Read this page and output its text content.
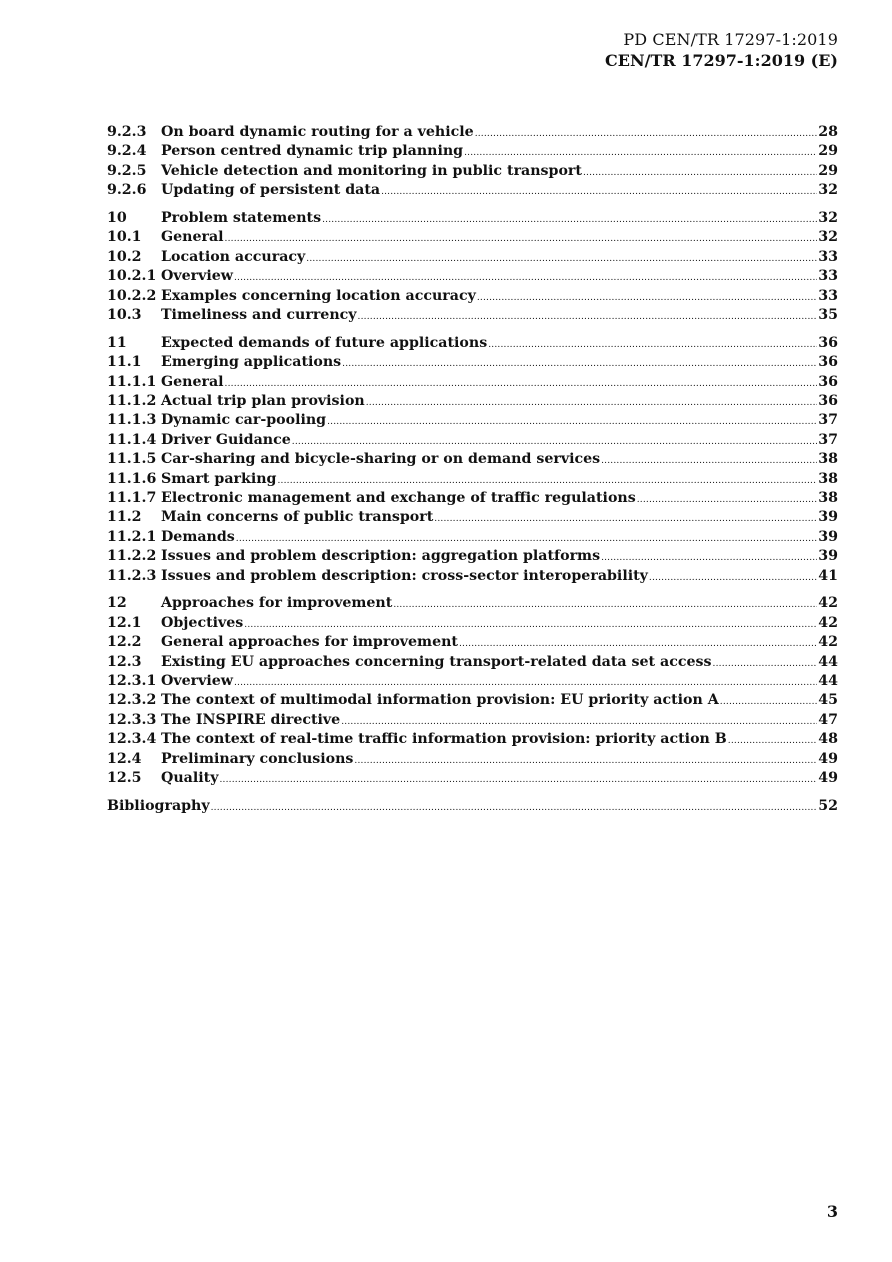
PD CEN/TR 17297-1:2019
CEN/TR 17297-1:2019 (E)
9.2.3	On board dynamic routing for a vehicle .....	28
9.2.4	Person centred dynamic trip planning .....	29
9.2.5	Vehicle detection and monitoring in public transport .....	29
9.2.6	Updating of persistent data .....	32
10	Problem statements .....	32
10.1	General .....	32
10.2	Location accuracy .....	33
10.2.1 Overview .....	33
10.2.2 Examples concerning location accuracy .....	33
10.3	Timeliness and currency .....	35
11	Expected demands of future applications .....	36
11.1	Emerging applications .....	36
11.1.1 General .....	36
11.1.2 Actual trip plan provision .....	36
11.1.3 Dynamic car-pooling .....	37
11.1.4 Driver Guidance .....	37
11.1.5 Car-sharing and bicycle-sharing or on demand services .....	38
11.1.6 Smart parking .....	38
11.1.7 Electronic management and exchange of traffic regulations .....	38
11.2	Main concerns of public transport .....	39
11.2.1 Demands .....	39
11.2.2 Issues and problem description: aggregation platforms .....	39
11.2.3 Issues and problem description: cross-sector interoperability .....	41
12	Approaches for improvement .....	42
12.1	Objectives .....	42
12.2	General approaches for improvement .....	42
12.3	Existing EU approaches concerning transport-related data set access .....	44
12.3.1 Overview .....	44
12.3.2 The context of multimodal information provision: EU priority action A .....	45
12.3.3 The INSPIRE directive .....	47
12.3.4 The context of real-time traffic information provision: priority action B .....	48
12.4	Preliminary conclusions .....	49
12.5	Quality .....	49
Bibliography .....	52
3
